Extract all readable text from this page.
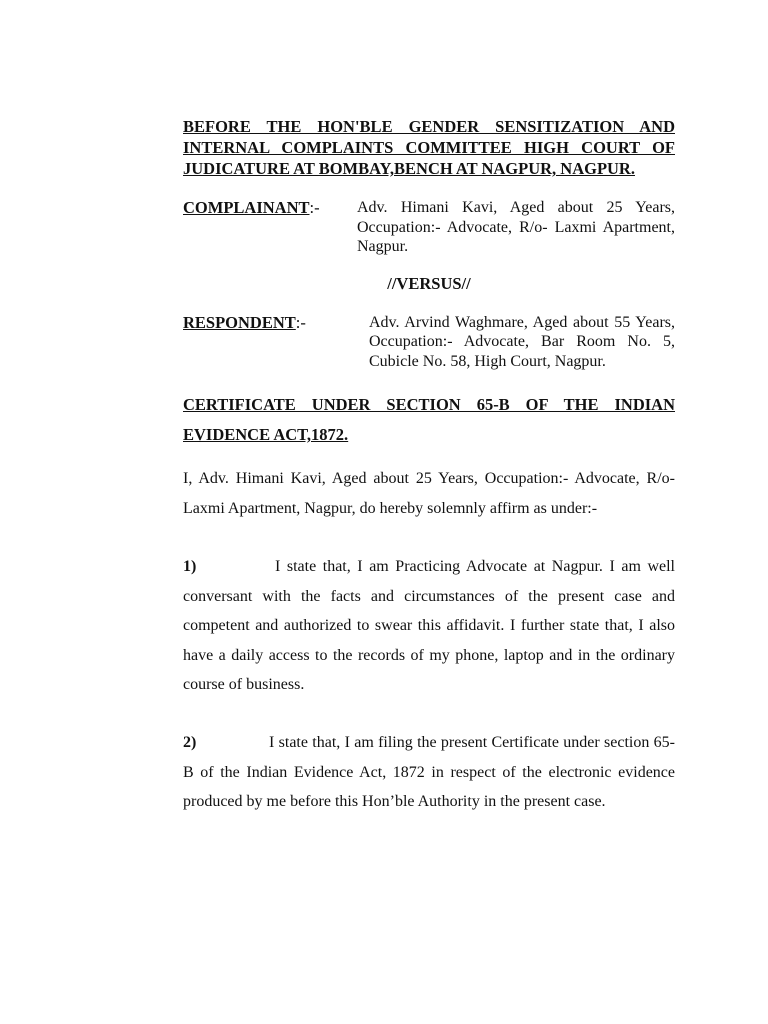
BEFORE THE HON'BLE GENDER SENSITIZATION AND INTERNAL COMPLAINTS COMMITTEE HIGH COURT OF JUDICATURE AT BOMBAY,BENCH AT NAGPUR, NAGPUR.

COMPLAINANT:-	Adv. Himani Kavi, Aged about 25 Years, Occupation:- Advocate, R/o- Laxmi Apartment, Nagpur.
//VERSUS//
RESPONDENT:-	Adv. Arvind Waghmare, Aged about 55 Years, Occupation:- Advocate, Bar Room No. 5, Cubicle No. 58, High Court, Nagpur.
CERTIFICATE UNDER SECTION 65-B OF THE INDIAN EVIDENCE ACT,1872.
I, Adv. Himani Kavi, Aged about 25 Years, Occupation:- Advocate, R/o- Laxmi Apartment, Nagpur, do hereby solemnly affirm as under:-
1)	I state that, I am Practicing Advocate at Nagpur. I am well conversant with the facts and circumstances of the present case and competent and authorized to swear this affidavit. I further state that, I also have a daily access to the records of my phone, laptop and in the ordinary course of business.
2)	I state that, I am filing the present Certificate under section 65-B of the Indian Evidence Act, 1872 in respect of the electronic evidence produced by me before this Hon’ble Authority in the present case.
